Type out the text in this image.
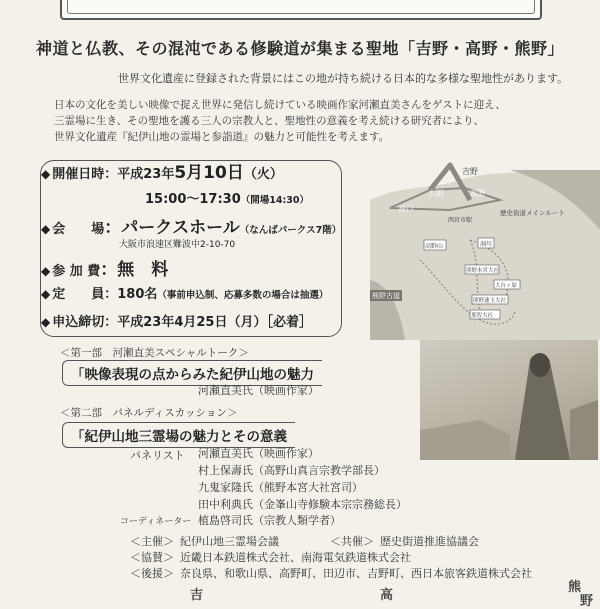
神道と仏教、その混沌である修験道が集まる聖地「吉野・高野・熊野」
世界文化遺産に登録された背景にはこの地が持ち続ける日本的な多様な聖地性があります。
日本の文化を美しい映像で捉え世界に発信し続けている映画作家河瀬直美さんをゲストに迎え、
三霊場に生き、その聖地を護る三人の宗教人と、聖地性の意義を考え続ける研究者により、
世界文化遺産『紀伊山地の霊場と参詣道』の魅力と可能性を考えます。
◆ 開催日時：平成23年5月10日（火）
15:00～17:30（開場14:30）
◆ 会　　場：パークスホール（なんばパークス7階）
大阪市浪速区難波中2-10-70
◆ 参 加 費：無　料
◆ 定　　員：180名（事前申込制、応募多数の場合は抽選）
◆ 申込締切：平成23年4月25日（月）［必着］
吉野
大阪	高野
歴史街道メインルート
神戸
西宮市駅
高野山	洞川
熊野本宮大社
大台ヶ原
熊野古道
熊野速玉大社
那智大社
＜第一部　河瀬直美スペシャルトーク＞
「映像表現の点からみた紀伊山地の魅力
河瀬直美氏（映画作家）
＜第二部　パネルディスカッション＞
「紀伊山地三霊場の魅力とその意義
パネリスト 河瀬直美氏（映画作家）
村上保壽氏（高野山真言宗教学部長）
九鬼家隆氏（熊野本宮大社宮司）
田中利典氏（金峯山寺修験本宗宗務総長）
コーディネーター 植島啓司氏（宗教人類学者）
＜主催＞ 紀伊山地三霊場会議	＜共催＞ 歴史街道推進協議会
＜協賛＞ 近畿日本鉄道株式会社、南海電気鉄道株式会社
＜後援＞ 奈良県、和歌山県、高野町、田辺市、吉野町、西日本旅客鉄道株式会社
吉	高
熊
野
